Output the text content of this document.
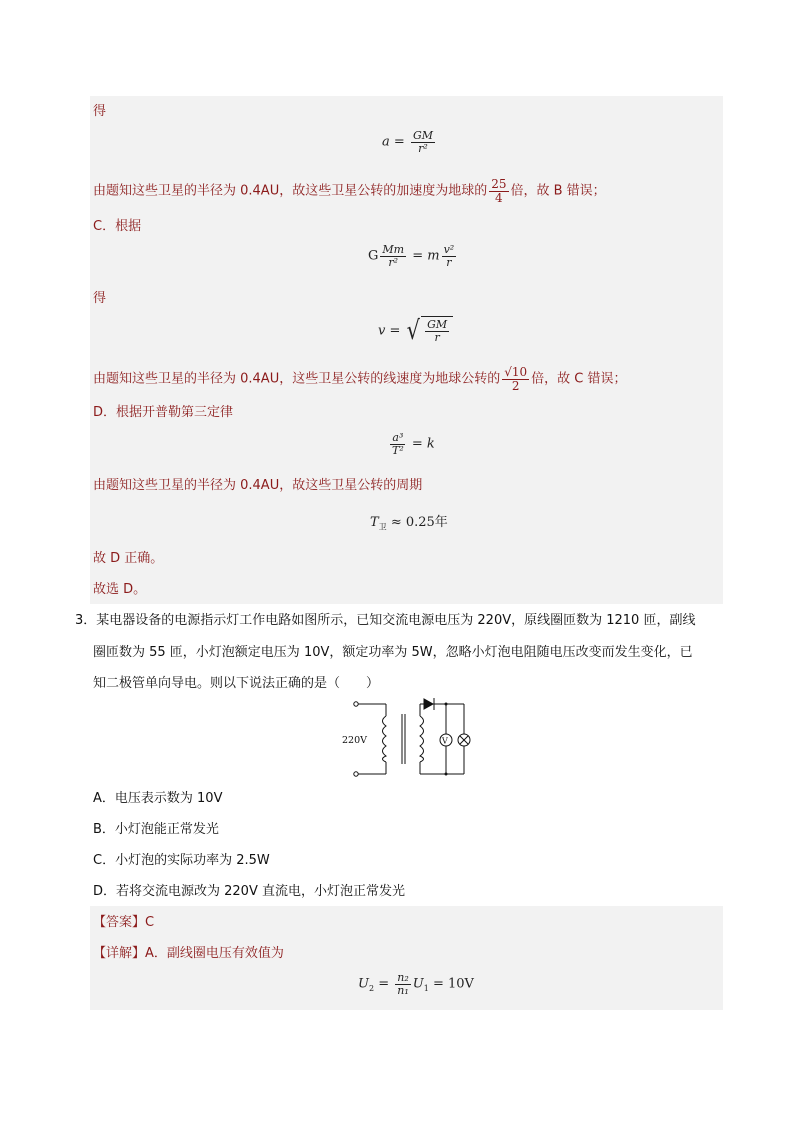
得
$a = \frac{GM}{\text{r²}}$
由题知这些卫星的半径为 0.4AU，故这些卫星公转的加速度为地球的 $\frac{25}{4}$ 倍，故 B 错误；
C．根据
G $\frac{Mm}{\text{r²}} = m \frac{\text{v²}}{r}$
得
v = √ $\frac{GM}{r}$
由题知这些卫星的半径为 0.4AU，这些卫星公转的线速度为地球公转的 $\frac{√10}{2}$ 倍，故 C 错误；
D．根据开普勒第三定律
$\frac{\text{a³}}{\text{T²}} = k$
由题知这些卫星的半径为 0.4AU，故这些卫星公转的周期
$T_卫 \approx 0.25$年
故 D 正确。
故选 D。
3．某电器设备的电源指示灯工作电路如图所示，已知交流电源电压为 220V，原线圈匝数为 1210 匝，副线
圈匝数为 55 匝，小灯泡额定电压为 10V，额定功率为 5W，忽略小灯泡电阻随电压改变而发生变化，已
知二极管单向导电。则以下说法正确的是（　　）
V
220V
A．电压表示数为 10V
B．小灯泡能正常发光
C．小灯泡的实际功率为 2.5W
D．若将交流电源改为 220V 直流电，小灯泡正常发光
【答案】C
【详解】A．副线圈电压有效值为
$U_2 = \frac{\text{n₂}}{\text{n₁}} U_1 = 10V$
